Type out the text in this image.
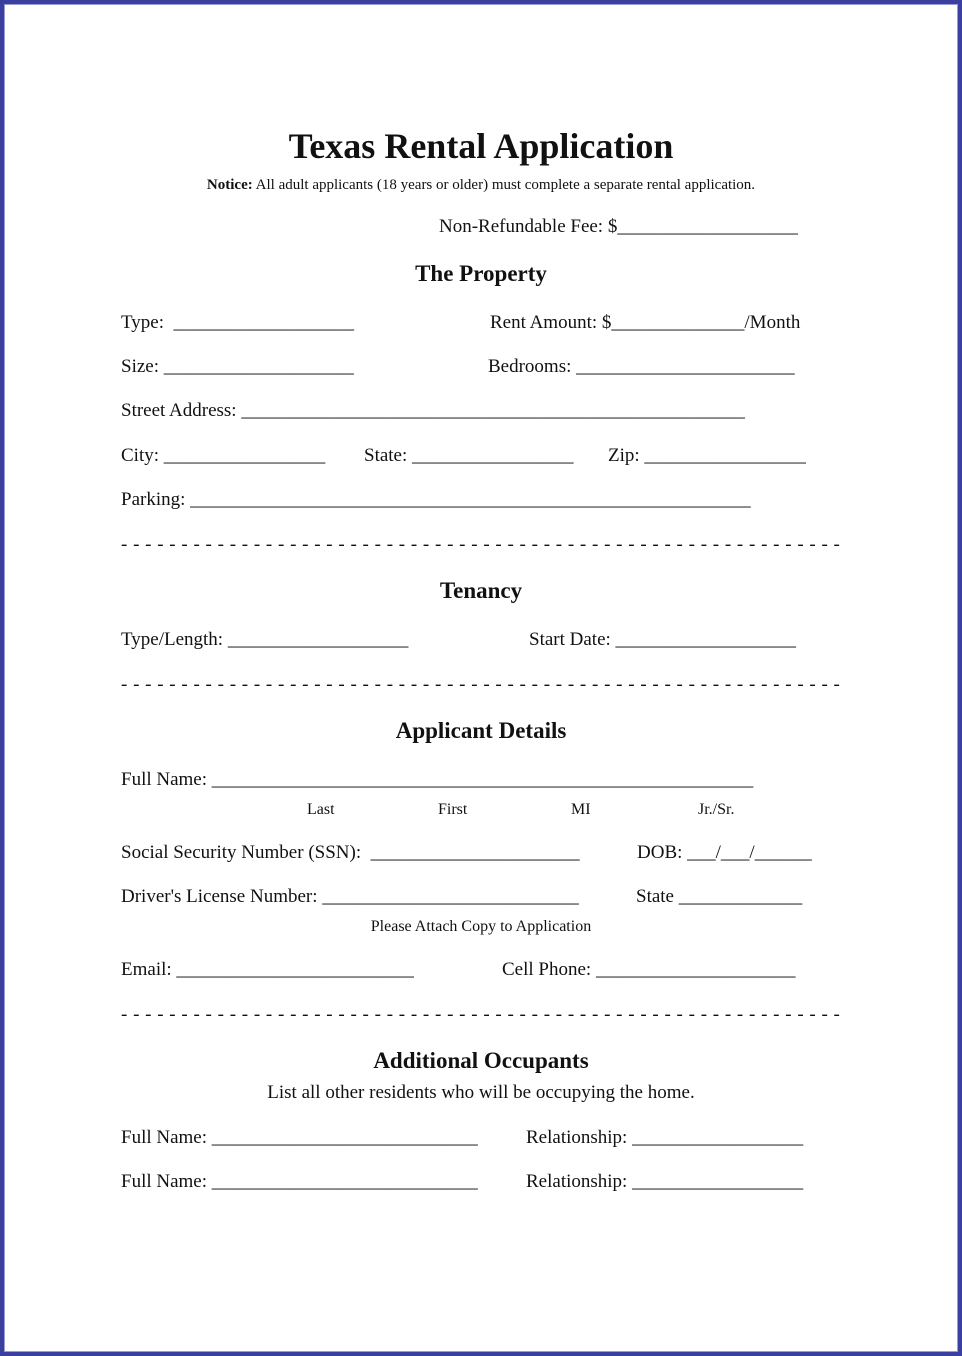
Texas Rental Application
Notice: All adult applicants (18 years or older) must complete a separate rental application.
Non-Refundable Fee: $___________________
The Property
Type:  ___________________	Rent Amount: $______________/Month
Size: ____________________	Bedrooms: _______________________
Street Address: _____________________________________________________
City: _________________ State: _________________ Zip: _________________
Parking: ___________________________________________________________
- - - - - - - - - - - - - - - - - - - - - - - - - - - - - - - - - - - - - - - - - - - - - - - - - - - - - - - - - - - -
Tenancy
Type/Length: ___________________	Start Date: ___________________
- - - - - - - - - - - - - - - - - - - - - - - - - - - - - - - - - - - - - - - - - - - - - - - - - - - - - - - - - - - -
Applicant Details
Full Name: _________________________________________________________
Last	First	MI	Jr./Sr.
Social Security Number (SSN):  ______________________	DOB: ___/___/______
Driver's License Number: ___________________________	State _____________
Please Attach Copy to Application
Email: _________________________	Cell Phone: _____________________
- - - - - - - - - - - - - - - - - - - - - - - - - - - - - - - - - - - - - - - - - - - - - - - - - - - - - - - - - - - -
Additional Occupants
List all other residents who will be occupying the home.
Full Name: ____________________________	Relationship: __________________
Full Name: ____________________________	Relationship: __________________
